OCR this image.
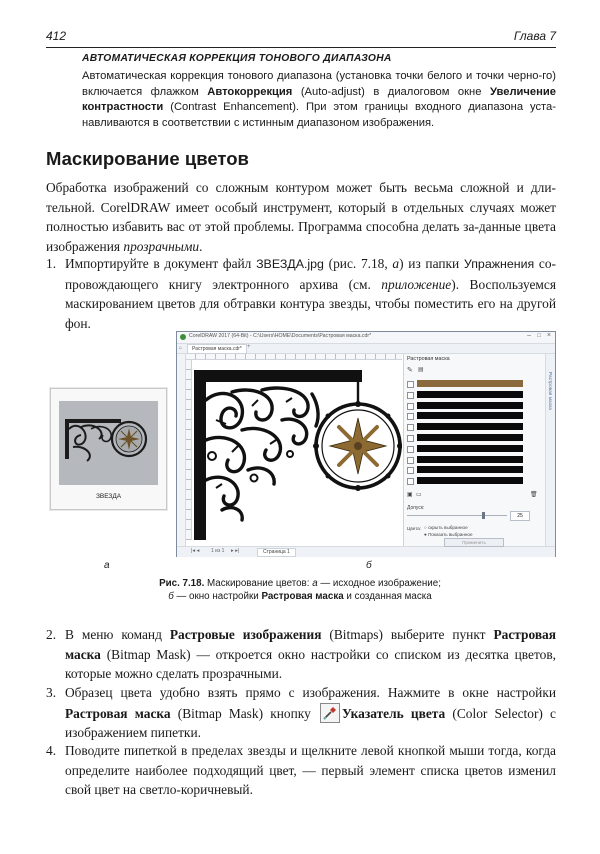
412	Глава 7
АВТОМАТИЧЕСКАЯ КОРРЕКЦИЯ ТОНОВОГО ДИАПАЗОНА
Автоматическая коррекция тонового диапазона (установка точки белого и точки черно-го) включается флажком Автокоррекция (Auto-adjust) в диалоговом окне Увеличение контрастности (Contrast Enhancement). При этом границы входного диапазона уста-навливаются в соответствии с истинным диапазоном изображения.
Маскирование цветов
Обработка изображений со сложным контуром может быть весьма сложной и дли-тельной. CorelDRAW имеет особый инструмент, который в отдельных случаях может полностью избавить вас от этой проблемы. Программа способна делать за-данные цвета изображения прозрачными.
1. Импортируйте в документ файл ЗВЕЗДА.jpg (рис. 7.18, а) из папки Упражнения со-провождающего книгу электронного архива (см. приложение). Воспользуемся маскированием цветов для обтравки контура звезды, чтобы поместить его на другой фон.
ЗВЕЗДА
CorelDRAW 2017 (64-Bit) - C:\Users\HOME\Documents\Растровая маска.cdr*	– □ ×
⌂	Растровая маска.cdr* +
|◂ ◂ 1 из 1 ▸ ▸|	Страница 1
Растровая маска
✎ ▤
▣ ▭	🗑
Допуск:
25
Цвета: ○ скрыть выбранное
● Показать выбранное
Применить
Растровая маска
а	б
Рис. 7.18. Маскирование цветов: а — исходное изображение;
б — окно настройки Растровая маска и созданная маска
2. В меню команд Растровые изображения (Bitmaps) выберите пункт Растровая маска (Bitmap Mask) — откроется окно настройки со списком из десятка цветов, которые можно сделать прозрачными.
3. Образец цвета удобно взять прямо с изображения. Нажмите в окне настройки Растровая маска (Bitmap Mask) кнопку Указатель цвета (Color Selector) с изображением пипетки.
4. Поводите пипеткой в пределах звезды и щелкните левой кнопкой мыши тогда, когда определите наиболее подходящий цвет, — первый элемент списка цветов изменил свой цвет на светло-коричневый.
